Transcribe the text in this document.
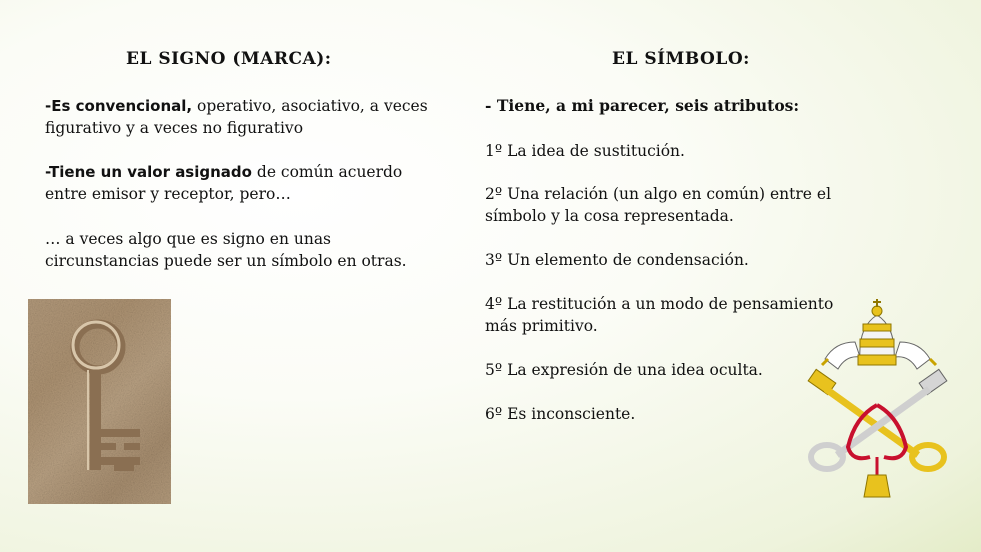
EL SIGNO (MARCA):	EL SÍMBOLO:
-Es convencional, operativo, asociativo, a veces figurativo y a veces no figurativo
-Tiene un valor asignado de común acuerdo entre emisor y receptor, pero…
… a veces algo que es signo en unas circunstancias puede ser un símbolo en otras.
- Tiene, a mi parecer, seis atributos:
1º La idea de sustitución.
2º Una relación (un algo en común) entre el símbolo y la cosa representada.
3º Un elemento de condensación.
4º La restitución a un modo de pensamiento más primitivo.
5º La expresión de una idea oculta.
6º Es inconsciente.
